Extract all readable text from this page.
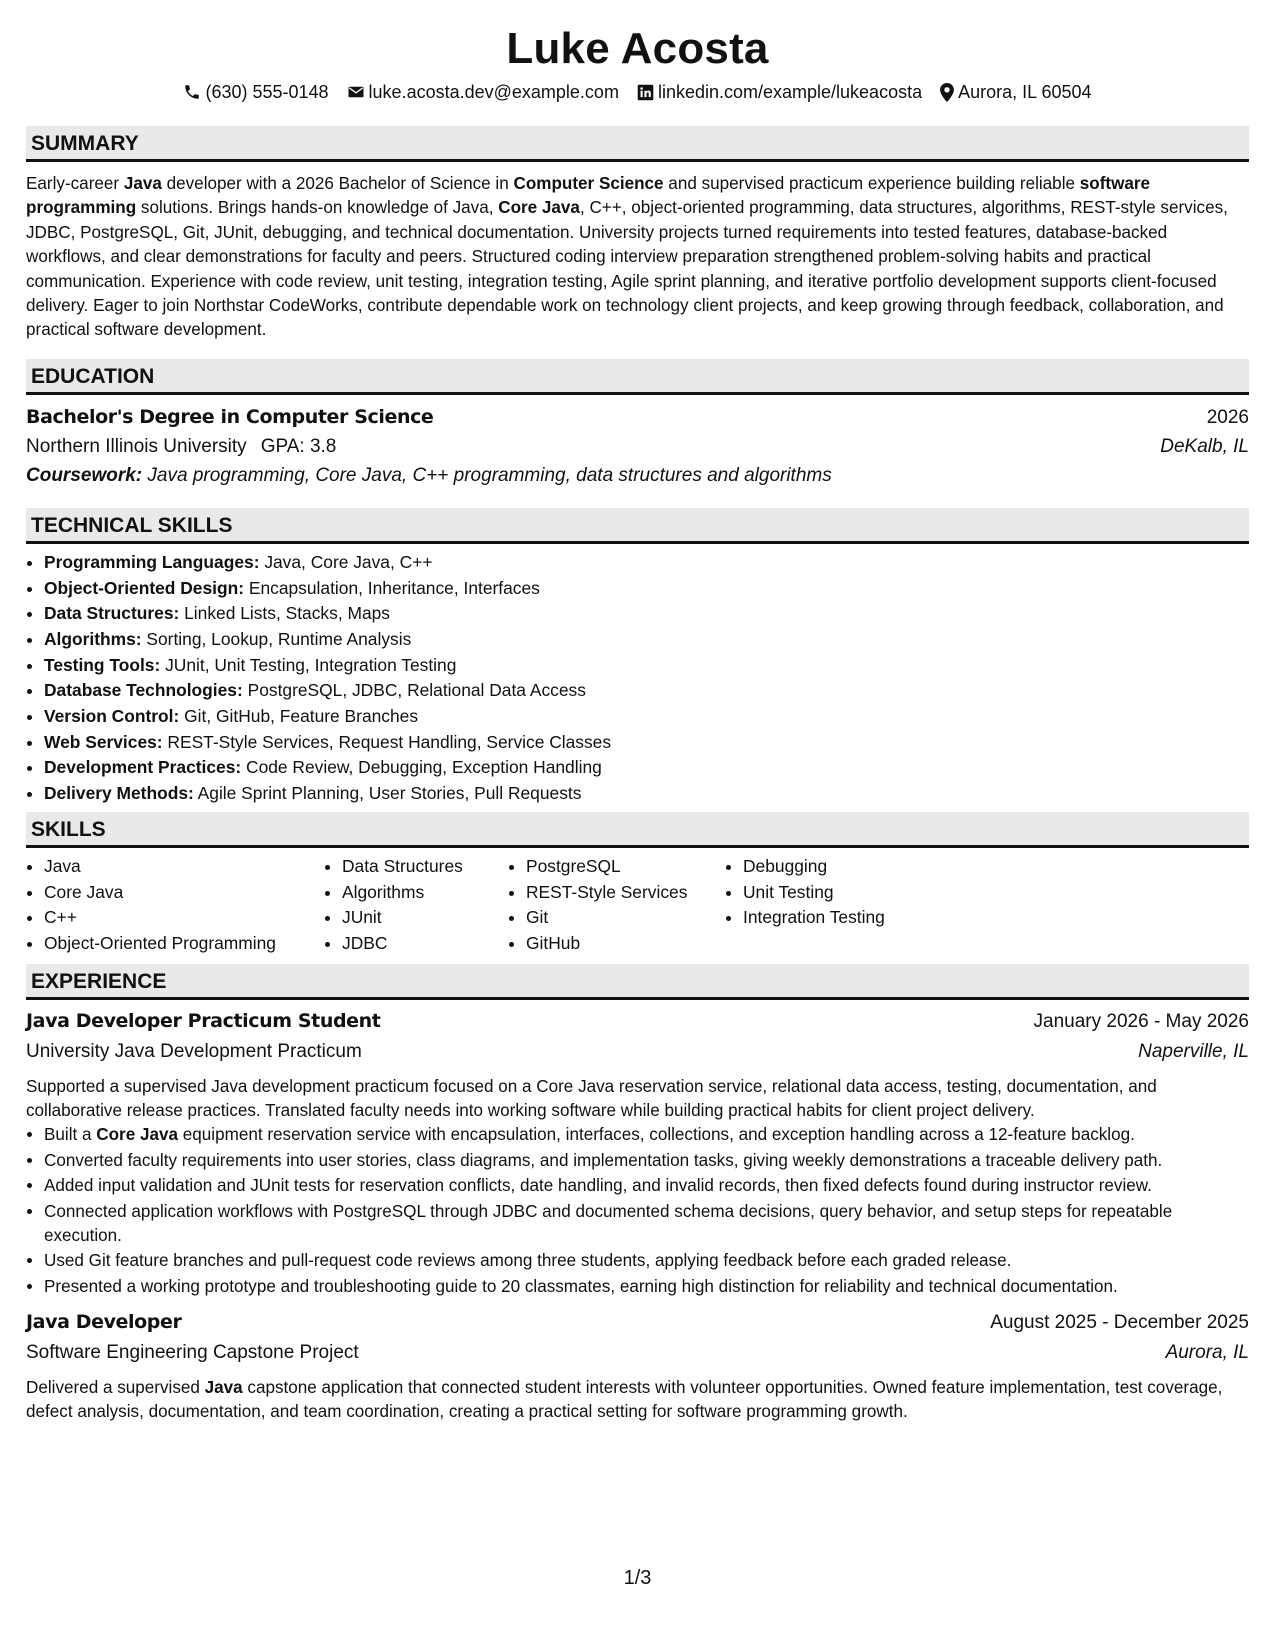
Luke Acosta
(630) 555-0148 luke.acosta.dev@example.com linkedin.com/example/lukeacosta Aurora, IL 60504
SUMMARY
Early-career Java developer with a 2026 Bachelor of Science in Computer Science and supervised practicum experience building reliable software programming solutions. Brings hands-on knowledge of Java, Core Java, C++, object-oriented programming, data structures, algorithms, REST-style services, JDBC, PostgreSQL, Git, JUnit, debugging, and technical documentation. University projects turned requirements into tested features, database-backed workflows, and clear demonstrations for faculty and peers. Structured coding interview preparation strengthened problem-solving habits and practical communication. Experience with code review, unit testing, integration testing, Agile sprint planning, and iterative portfolio development supports client-focused delivery. Eager to join Northstar CodeWorks, contribute dependable work on technology client projects, and keep growing through feedback, collaboration, and practical software development.
EDUCATION
Bachelor's Degree in Computer Science	2026
Northern Illinois University GPA: 3.8	DeKalb, IL
Coursework: Java programming, Core Java, C++ programming, data structures and algorithms
TECHNICAL SKILLS
• Programming Languages: Java, Core Java, C++
• Object-Oriented Design: Encapsulation, Inheritance, Interfaces
• Data Structures: Linked Lists, Stacks, Maps
• Algorithms: Sorting, Lookup, Runtime Analysis
• Testing Tools: JUnit, Unit Testing, Integration Testing
• Database Technologies: PostgreSQL, JDBC, Relational Data Access
• Version Control: Git, GitHub, Feature Branches
• Web Services: REST-Style Services, Request Handling, Service Classes
• Development Practices: Code Review, Debugging, Exception Handling
• Delivery Methods: Agile Sprint Planning, User Stories, Pull Requests
SKILLS
• Java
• Core Java
• C++
• Object-Oriented Programming
• Data Structures
• Algorithms
• JUnit
• JDBC
• PostgreSQL
• REST-Style Services
• Git
• GitHub
• Debugging
• Unit Testing
• Integration Testing
EXPERIENCE
Java Developer Practicum Student	January 2026 - May 2026
University Java Development Practicum	Naperville, IL
Supported a supervised Java development practicum focused on a Core Java reservation service, relational data access, testing, documentation, and collaborative release practices. Translated faculty needs into working software while building practical habits for client project delivery.
• Built a Core Java equipment reservation service with encapsulation, interfaces, collections, and exception handling across a 12-feature backlog.
• Converted faculty requirements into user stories, class diagrams, and implementation tasks, giving weekly demonstrations a traceable delivery path.
• Added input validation and JUnit tests for reservation conflicts, date handling, and invalid records, then fixed defects found during instructor review.
• Connected application workflows with PostgreSQL through JDBC and documented schema decisions, query behavior, and setup steps for repeatable execution.
• Used Git feature branches and pull-request code reviews among three students, applying feedback before each graded release.
• Presented a working prototype and troubleshooting guide to 20 classmates, earning high distinction for reliability and technical documentation.
Java Developer	August 2025 - December 2025
Software Engineering Capstone Project	Aurora, IL
Delivered a supervised Java capstone application that connected student interests with volunteer opportunities. Owned feature implementation, test coverage, defect analysis, documentation, and team coordination, creating a practical setting for software programming growth.
1/3
